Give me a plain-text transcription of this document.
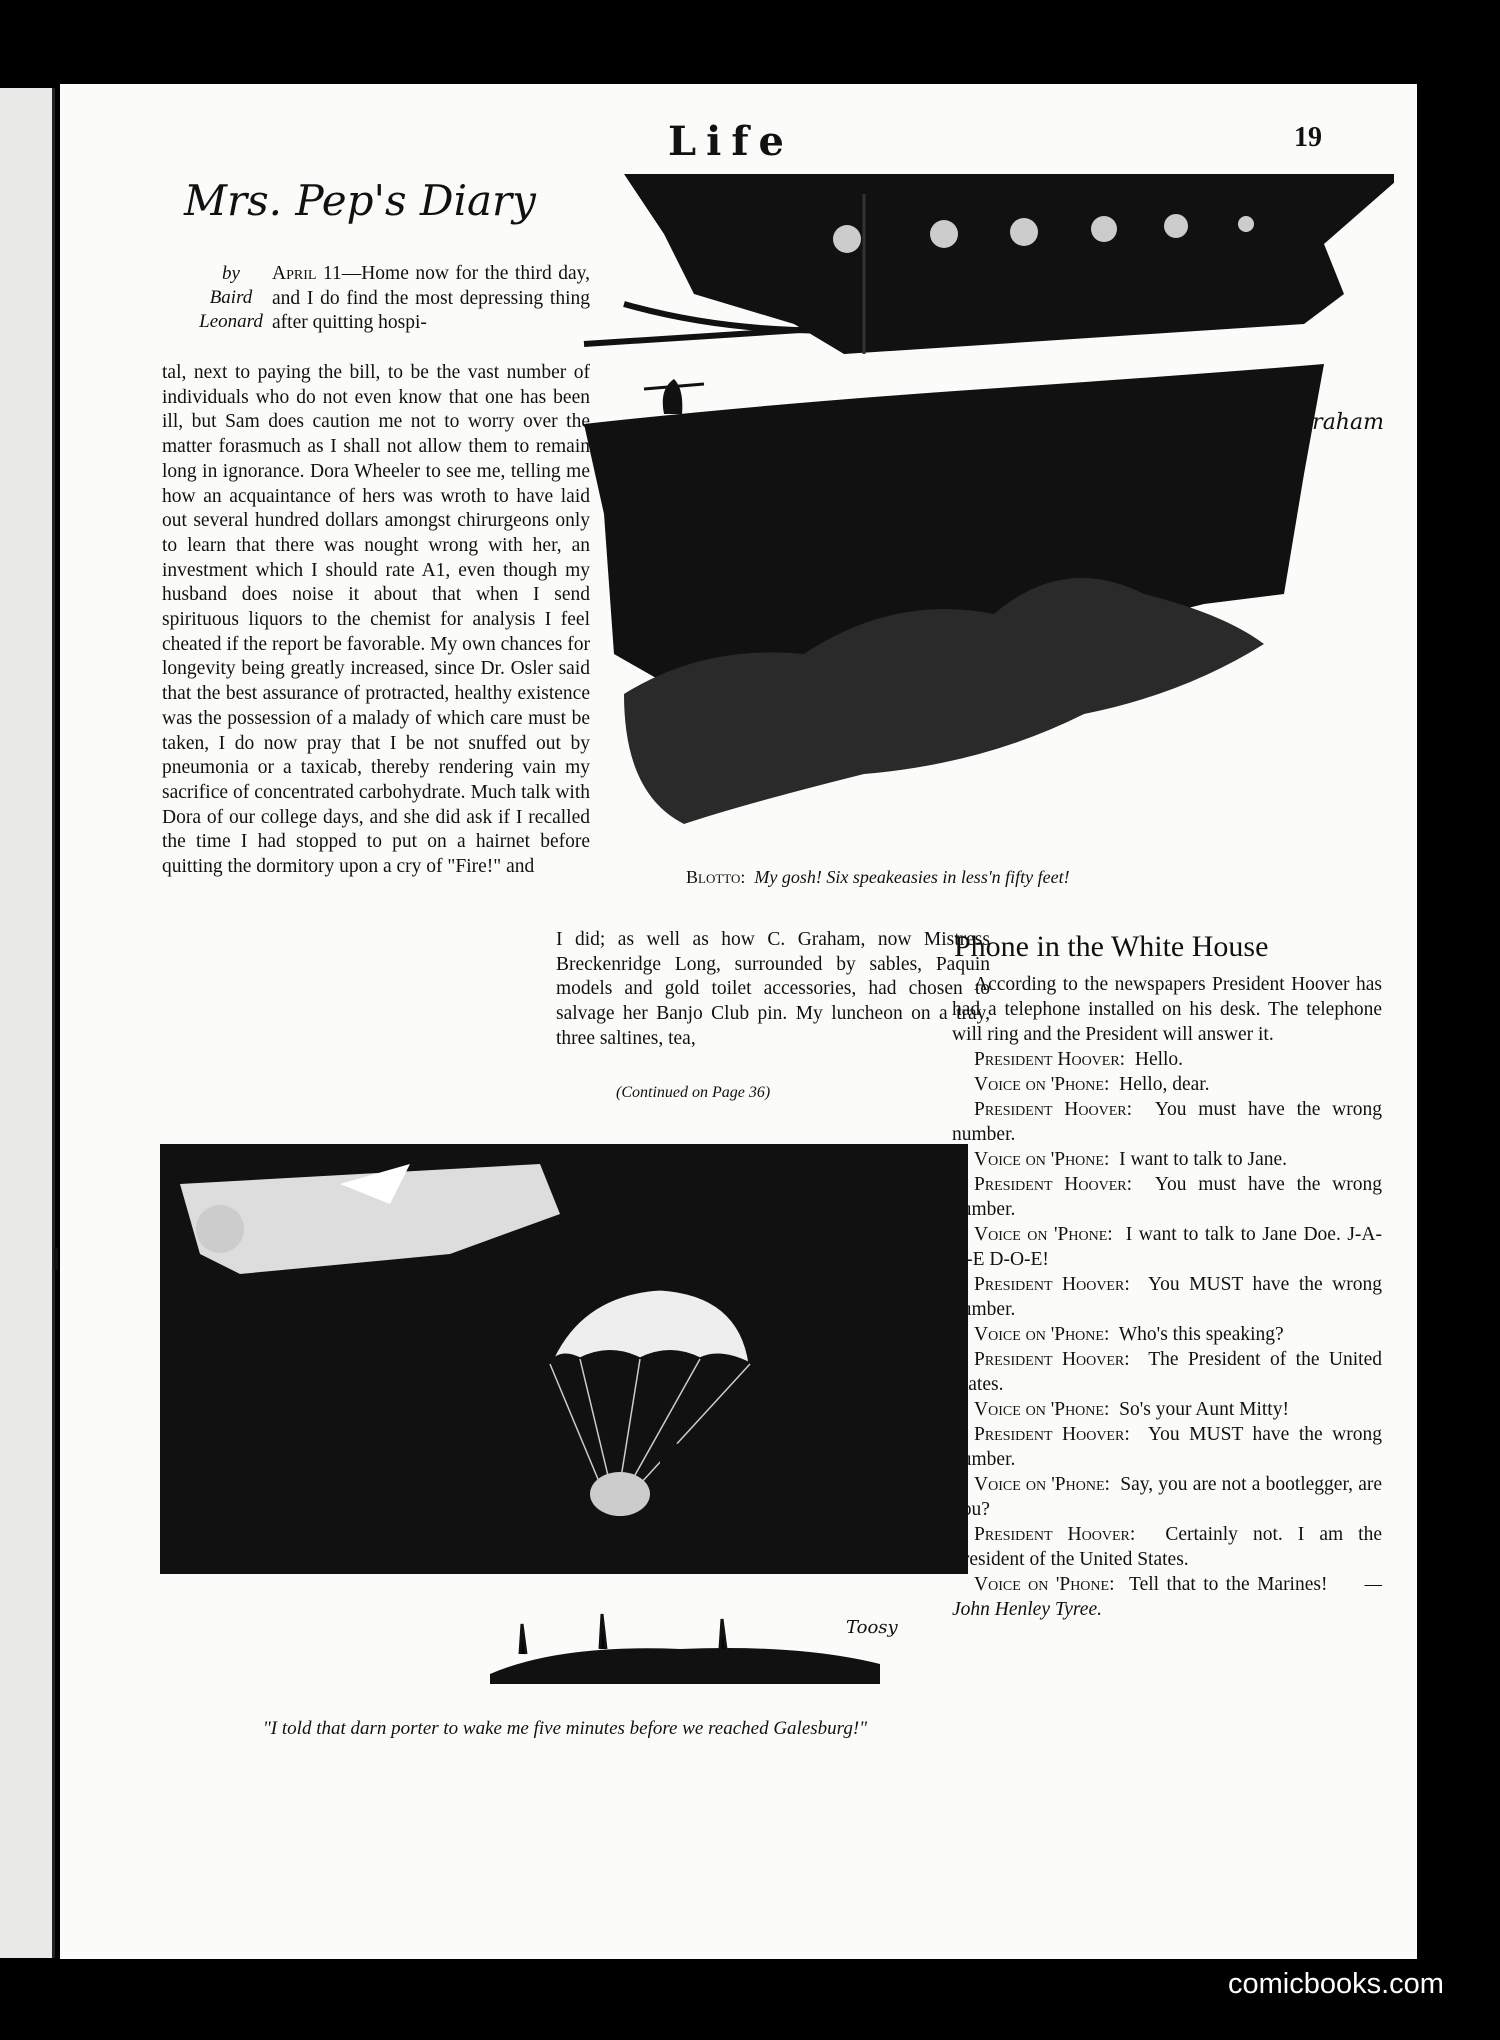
Life	19
Mrs. Pep's Diary
by
Baird
Leonard
April 11—Home now for the third day, and I do find the most depressing thing after quitting hospi-
tal, next to paying the bill, to be the vast number of individuals who do not even know that one has been ill, but Sam does caution me not to worry over the matter forasmuch as I shall not allow them to remain long in ignorance. Dora Wheeler to see me, telling me how an acquaintance of hers was wroth to have laid out several hundred dollars amongst chirurgeons only to learn that there was nought wrong with her, an investment which I should rate A1, even though my husband does noise it about that when I send spirituous liquors to the chemist for analysis I feel cheated if the report be favorable. My own chances for longevity being greatly increased, since Dr. Osler said that the best assurance of protracted, healthy existence was the possession of a malady of which care must be taken, I do now pray that I be not snuffed out by pneumonia or a taxicab, thereby rendering vain my sacrifice of concentrated carbohydrate. Much talk with Dora of our college days, and she did ask if I recalled the time I had stopped to put on a hairnet before quitting the dormitory upon a cry of "Fire!" and
I did; as well as how C. Graham, now Mistress Breckenridge Long, surrounded by sables, Paquin models and gold toilet accessories, had chosen to salvage her Banjo Club pin. My luncheon on a tray, three saltines, tea,
(Continued on Page 36)
ed graham
Blotto: My gosh! Six speakeasies in less'n fifty feet!
Toosy
"I told that darn porter to wake me five minutes before we reached Galesburg!"
Phone in the White House

According to the newspapers President Hoover has had a telephone installed on his desk. The telephone will ring and the President will answer it.

President Hoover: Hello.

Voice on 'Phone: Hello, dear.

President Hoover: You must have the wrong number.

Voice on 'Phone: I want to talk to Jane.

President Hoover: You must have the wrong number.

Voice on 'Phone: I want to talk to Jane Doe. J-A-N-E D-O-E!

President Hoover: You MUST have the wrong number.

Voice on 'Phone: Who's this speaking?

President Hoover: The President of the United States.

Voice on 'Phone: So's your Aunt Mitty!

President Hoover: You MUST have the wrong number.

Voice on 'Phone: Say, you are not a bootlegger, are you?

President Hoover: Certainly not. I am the President of the United States.

Voice on 'Phone: Tell that to the Marines! —John Henley Tyree.

comicbooks.com
